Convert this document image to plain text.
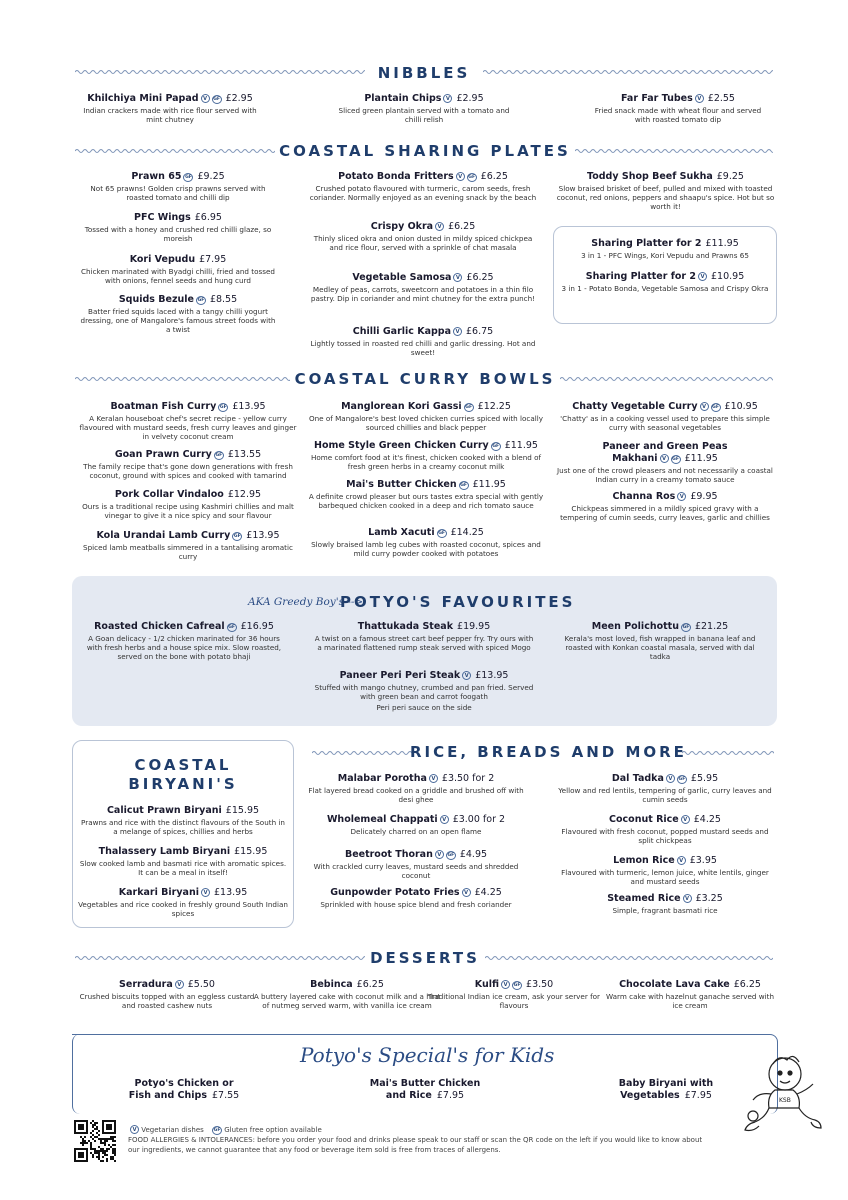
NIBBLES
Khilchiya Mini Papad V GF £2.95
Indian crackers made with rice flour served with mint chutney
Plantain Chips V £2.95
Sliced green plantain served with a tomato and chilli relish
Far Far Tubes V £2.55
Fried snack made with wheat flour and served with roasted tomato dip
COASTAL SHARING PLATES
Prawn 65 GF £9.25
Not 65 prawns! Golden crisp prawns served with roasted tomato and chilli dip
PFC Wings £6.95
Tossed with a honey and crushed red chilli glaze, so moreish
Kori Vepudu £7.95
Chicken marinated with Byadgi chilli, fried and tossed with onions, fennel seeds and hung curd
Squids Bezule GF £8.55
Batter fried squids laced with a tangy chilli yogurt dressing, one of Mangalore's famous street foods with a twist
Potato Bonda Fritters V GF £6.25
Crushed potato flavoured with turmeric, carom seeds, fresh coriander. Normally enjoyed as an evening snack by the beach
Crispy Okra V £6.25
Thinly sliced okra and onion dusted in mildy spiced chickpea and rice flour, served with a sprinkle of chat masala
Vegetable Samosa V £6.25
Medley of peas, carrots, sweetcorn and potatoes in a thin filo pastry. Dip in coriander and mint chutney for the extra punch!
Chilli Garlic Kappa V £6.75
Lightly tossed in roasted red chilli and garlic dressing. Hot and sweet!
Toddy Shop Beef Sukha £9.25
Slow braised brisket of beef, pulled and mixed with toasted coconut, red onions, peppers and shaapu's spice. Hot but so worth it!
Sharing Platter for 2 £11.95
3 in 1 - PFC Wings, Kori Vepudu and Prawns 65
Sharing Platter for 2 V £10.95
3 in 1 - Potato Bonda, Vegetable Samosa and Crispy Okra
COASTAL CURRY BOWLS
Boatman Fish Curry GF £13.95
A Keralan houseboat chef's secret recipe - yellow curry flavoured with mustard seeds, fresh curry leaves and ginger in velvety coconut cream
Goan Prawn Curry GF £13.55
The family recipe that's gone down generations with fresh coconut, ground with spices and cooked with tamarind
Pork Collar Vindaloo £12.95
Ours is a traditional recipe using Kashmiri chillies and malt vinegar to give it a nice spicy and sour flavour
Kola Urandai Lamb Curry GF £13.95
Spiced lamb meatballs simmered in a tantalising aromatic curry
Manglorean Kori Gassi GF £12.25
One of Mangalore's best loved chicken curries spiced with locally sourced chillies and black pepper
Home Style Green Chicken Curry GF £11.95
Home comfort food at it's finest, chicken cooked with a blend of fresh green herbs in a creamy coconut milk
Mai's Butter Chicken GF £11.95
A definite crowd pleaser but ours tastes extra special with gently barbequed chicken cooked in a deep and rich tomato sauce
Lamb Xacuti GF £14.25
Slowly braised lamb leg cubes with roasted coconut, spices and mild curry powder cooked with potatoes
Chatty Vegetable Curry V GF £10.95
'Chatty' as in a cooking vessel used to prepare this simple curry with seasonal vegetables
Paneer and Green Peas
Makhani V GF £11.95
Just one of the crowd pleasers and not necessarily a coastal Indian curry in a creamy tomato sauce
Channa Ros V £9.95
Chickpeas simmered in a mildly spiced gravy with a tempering of cumin seeds, curry leaves, garlic and chillies
AKA Greedy Boy's -->
POTYO'S FAVOURITES
Roasted Chicken Cafreal GF £16.95
A Goan delicacy - 1/2 chicken marinated for 36 hours with fresh herbs and a house spice mix. Slow roasted, served on the bone with potato bhaji
Thattukada Steak £19.95
A twist on a famous street cart beef pepper fry. Try ours with a marinated flattened rump steak served with spiced Mogo
Meen Polichottu GF £21.25
Kerala's most loved, fish wrapped in banana leaf and roasted with Konkan coastal masala, served with dal tadka
Paneer Peri Peri Steak V £13.95
Stuffed with mango chutney, crumbed and pan fried. Served with green bean and carrot foogath
Peri peri sauce on the side
COASTAL
BIRYANI'S
Calicut Prawn Biryani £15.95
Prawns and rice with the distinct flavours of the South in a melange of spices, chillies and herbs
Thalassery Lamb Biryani £15.95
Slow cooked lamb and basmati rice with aromatic spices. It can be a meal in itself!
Karkari Biryani V £13.95
Vegetables and rice cooked in freshly ground South Indian spices
RICE, BREADS AND MORE
Malabar Porotha V £3.50 for 2
Flat layered bread cooked on a griddle and brushed off with desi ghee
Wholemeal Chappati V £3.00 for 2
Delicately charred on an open flame
Beetroot Thoran V GF £4.95
With crackled curry leaves, mustard seeds and shredded coconut
Gunpowder Potato Fries V £4.25
Sprinkled with house spice blend and fresh coriander
Dal Tadka V GF £5.95
Yellow and red lentils, tempering of garlic, curry leaves and cumin seeds
Coconut Rice V £4.25
Flavoured with fresh coconut, popped mustard seeds and split chickpeas
Lemon Rice V £3.95
Flavoured with turmeric, lemon juice, white lentils, ginger and mustard seeds
Steamed Rice V £3.25
Simple, fragrant basmati rice
DESSERTS
Serradura V £5.50
Crushed biscuits topped with an eggless custard and roasted cashew nuts
Bebinca £6.25
A buttery layered cake with coconut milk and a hint of nutmeg served warm, with vanilla ice cream
Kulfi V GF £3.50
Traditional Indian ice cream, ask your server for flavours
Chocolate Lava Cake £6.25
Warm cake with hazelnut ganache served with ice cream
Potyo's Special's for Kids
Potyo's Chicken or
Fish and Chips £7.55
Mai's Butter Chicken
and Rice £7.95
Baby Biryani with
Vegetables £7.95	KSB
V Vegetarian dishes GF Gluten free option available
FOOD ALLERGIES & INTOLERANCES: before you order your food and drinks please speak to our staff or scan the QR code on the left if you would like to know about our ingredients, we cannot guarantee that any food or beverage item sold is free from traces of allergens.
